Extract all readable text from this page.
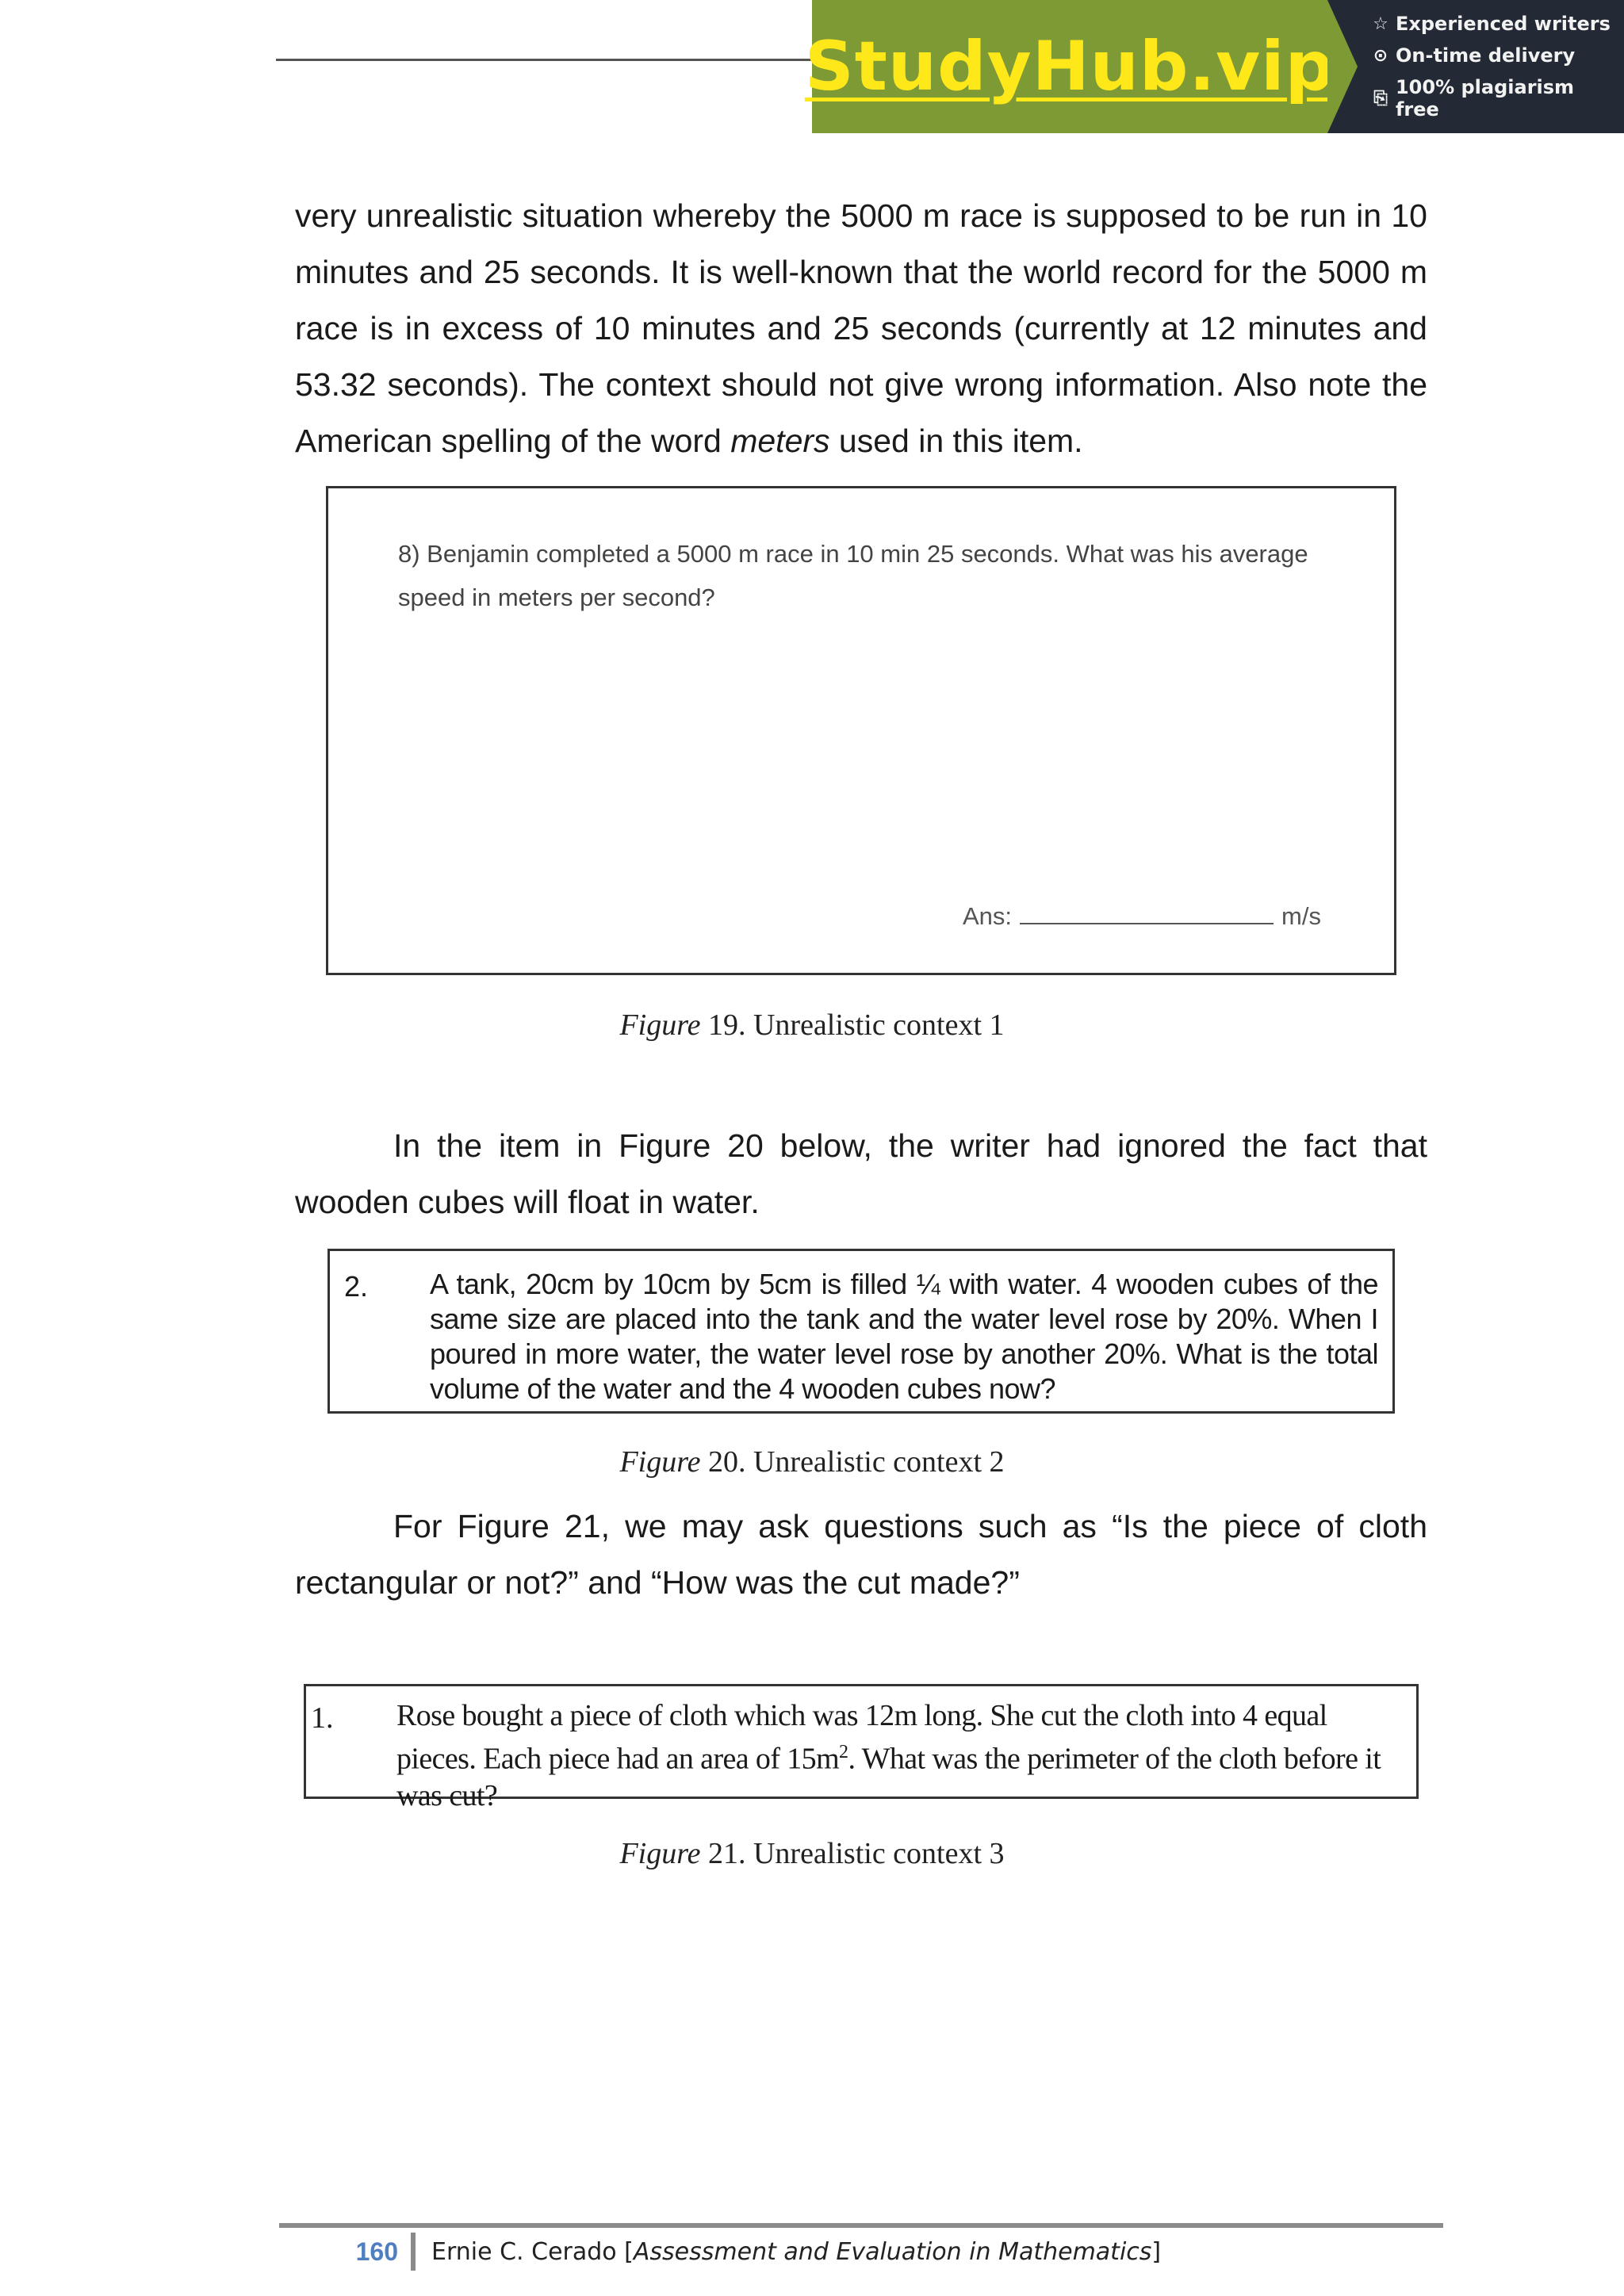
StudyHub.vip
☆ Experienced writers
⊙ On-time delivery
⎘ 100% plagiarism free

very unrealistic situation whereby the 5000 m race is supposed to be run in 10 minutes and 25 seconds. It is well-known that the world record for the 5000 m race is in excess of 10 minutes and 25 seconds (currently at 12 minutes and 53.32 seconds). The context should not give wrong information. Also note the American spelling of the word meters used in this item.

8) Benjamin completed a 5000 m race in 10 min 25 seconds. What was his average speed in meters per second?
Ans:	m/s
Figure 19. Unrealistic context 1

In the item in Figure 20 below, the writer had ignored the fact that wooden cubes will float in water.

2. A tank, 20cm by 10cm by 5cm is filled ¼ with water. 4 wooden cubes of the same size are placed into the tank and the water level rose by 20%. When I poured in more water, the water level rose by another 20%. What is the total volume of the water and the 4 wooden cubes now?
Figure 20. Unrealistic context 2

For Figure 21, we may ask questions such as “Is the piece of cloth rectangular or not?” and “How was the cut made?”

1. Rose bought a piece of cloth which was 12m long. She cut the cloth into 4 equal pieces. Each piece had an area of $15m^2$. What was the perimeter of the cloth before it was cut?
Figure 21. Unrealistic context 3
160	Ernie C. Cerado [Assessment and Evaluation in Mathematics]
